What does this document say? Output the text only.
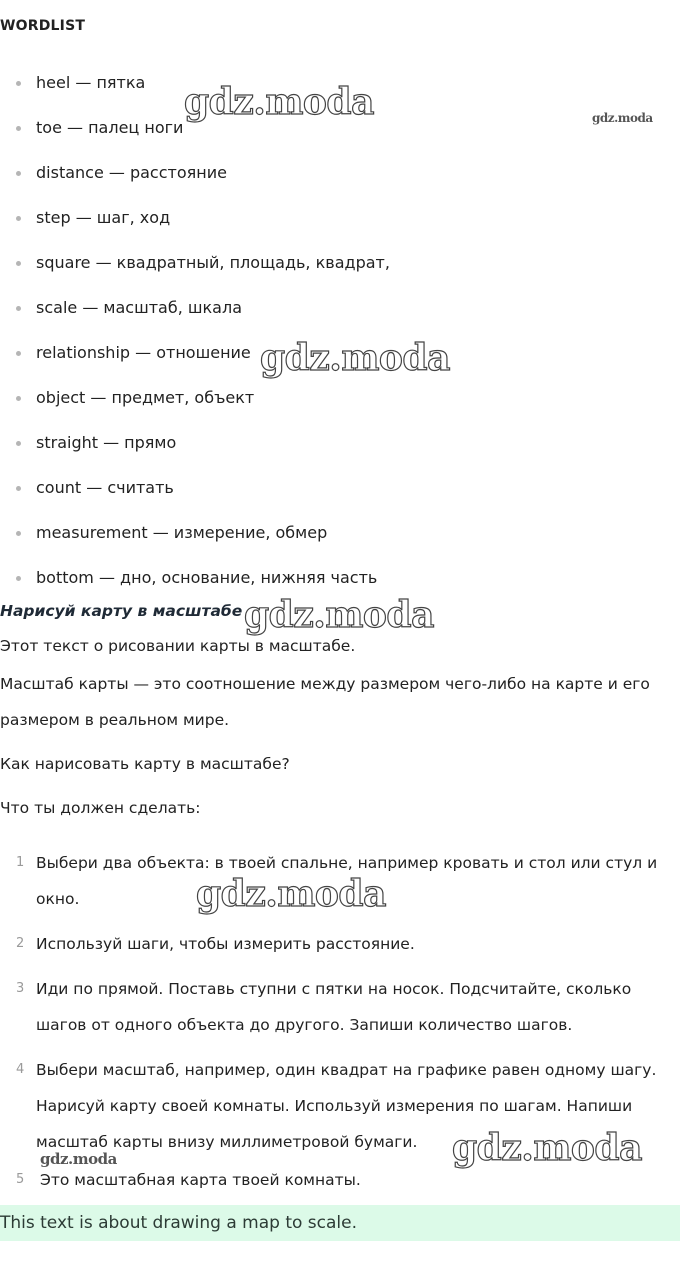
WORDLIST
heel — пятка
toe — палец ноги
distance — расстояние
step — шаг, ход
square — квадратный, площадь, квадрат,
scale — масштаб, шкала
relationship — отношение
object — предмет, объект
straight — прямо
count — считать
measurement — измерение, обмер
bottom — дно, основание, нижняя часть
Нарисуй карту в масштабе

Этот текст о рисовании карты в масштабе.

Масштаб карты — это соотношение между размером чего-либо на карте и его размером в реальном мире.

Как нарисовать карту в масштабе?

Что ты должен сделать:

1 Выбери два объекта: в твоей спальне, например кровать и стол или стул и окно.
2 Используй шаги, чтобы измерить расстояние.
3 Иди по прямой. Поставь ступни с пятки на носок. Подсчитайте, сколько шагов от одного объекта до другого. Запиши количество шагов.
4 Выбери масштаб, например, один квадрат на графике равен одному шагу. Нарисуй карту своей комнаты. Используй измерения по шагам. Напиши масштаб карты внизу миллиметровой бумаги.
5 Это масштабная карта твоей комнаты.
This text is about drawing a map to scale.
gdz.moda	gdz.moda
gdz.moda
gdz.moda
gdz.moda
gdz.moda
gdz.moda
